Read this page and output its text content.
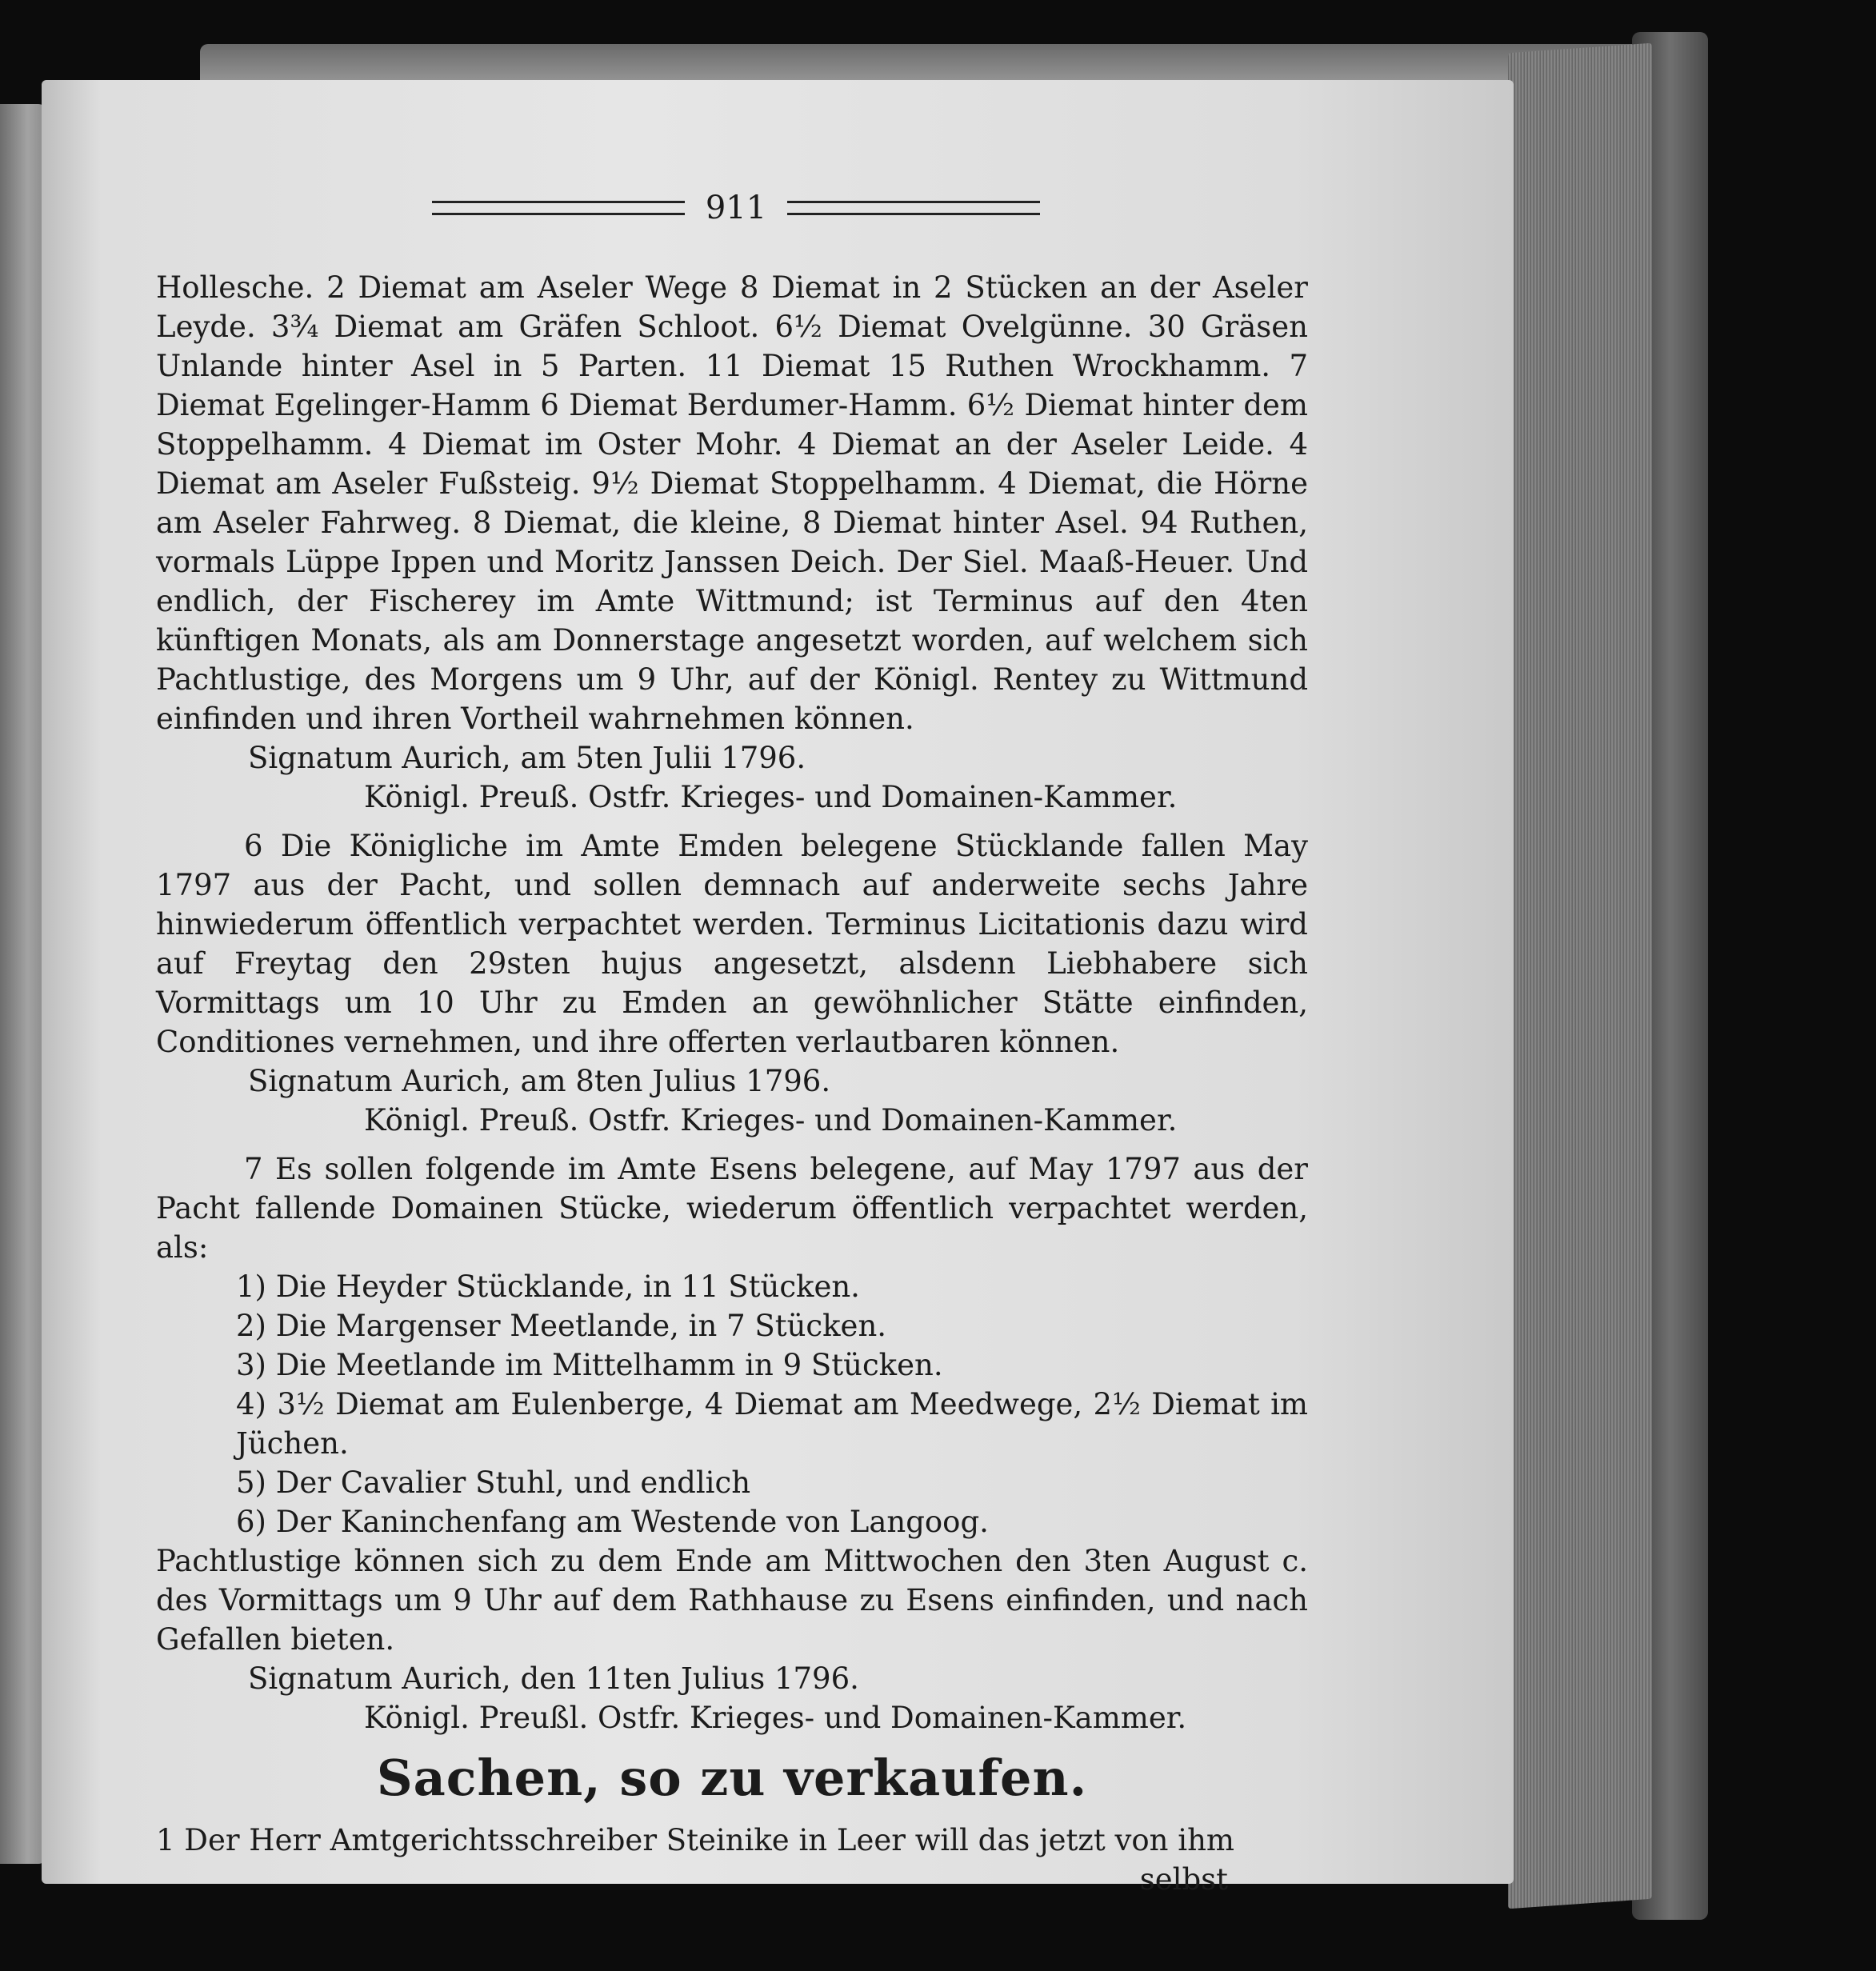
911

Hollesche. 2 Diemat am Aseler Wege 8 Diemat in 2 Stücken an der Aseler Leyde. 3¾ Diemat am Gräfen Schloot. 6½ Diemat Ovelgünne. 30 Gräsen Unlande hinter Asel in 5 Parten. 11 Diemat 15 Ruthen Wrockhamm. 7 Diemat Egelinger-Hamm 6 Diemat Berdumer-Hamm. 6½ Diemat hinter dem Stoppelhamm. 4 Diemat im Oster Mohr. 4 Diemat an der Aseler Leide. 4 Diemat am Aseler Fußsteig. 9½ Diemat Stoppelhamm. 4 Diemat, die Hörne am Aseler Fahrweg. 8 Diemat, die kleine, 8 Diemat hinter Asel. 94 Ruthen, vormals Lüppe Ippen und Moritz Janssen Deich. Der Siel. Maaß-Heuer. Und endlich, der Fischerey im Amte Wittmund; ist Terminus auf den 4ten künftigen Monats, als am Donnerstage angesetzt worden, auf welchem sich Pachtlustige, des Morgens um 9 Uhr, auf der Königl. Rentey zu Wittmund einfinden und ihren Vortheil wahrnehmen können.

Signatum Aurich, am 5ten Julii 1796.

Königl. Preuß. Ostfr. Krieges- und Domainen-Kammer.

6 Die Königliche im Amte Emden belegene Stücklande fallen May 1797 aus der Pacht, und sollen demnach auf anderweite sechs Jahre hinwiederum öffentlich verpachtet werden. Terminus Licitationis dazu wird auf Freytag den 29sten hujus angesetzt, alsdenn Liebhabere sich Vormittags um 10 Uhr zu Emden an gewöhnlicher Stätte einfinden, Conditiones vernehmen, und ihre offerten verlautbaren können.

Signatum Aurich, am 8ten Julius 1796.

Königl. Preuß. Ostfr. Krieges- und Domainen-Kammer.

7 Es sollen folgende im Amte Esens belegene, auf May 1797 aus der Pacht fallende Domainen Stücke, wiederum öffentlich verpachtet werden, als:

1) Die Heyder Stücklande, in 11 Stücken.

2) Die Margenser Meetlande, in 7 Stücken.

3) Die Meetlande im Mittelhamm in 9 Stücken.

4) 3½ Diemat am Eulenberge, 4 Diemat am Meedwege, 2½ Diemat im Jüchen.

5) Der Cavalier Stuhl, und endlich

6) Der Kaninchenfang am Westende von Langoog.

Pachtlustige können sich zu dem Ende am Mittwochen den 3ten August c. des Vormittags um 9 Uhr auf dem Rathhause zu Esens einfinden, und nach Gefallen bieten.

Signatum Aurich, den 11ten Julius 1796.

Königl. Preußl. Ostfr. Krieges- und Domainen-Kammer.

Sachen, so zu verkaufen.

1 Der Herr Amtgerichtsschreiber Steinike in Leer will das jetzt von ihm

selbst
